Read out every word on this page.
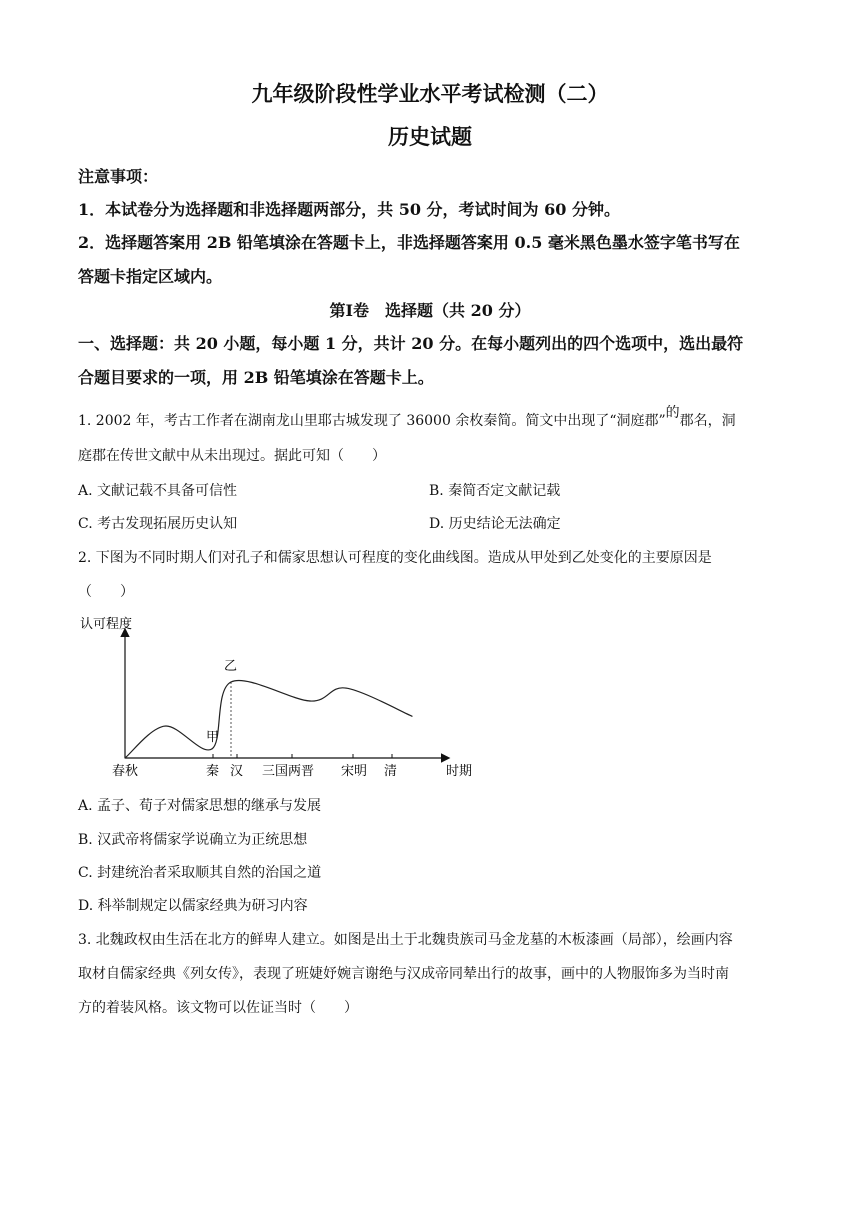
九年级阶段性学业水平考试检测（二）
历史试题
注意事项：
1．本试卷分为选择题和非选择题两部分，共 50 分，考试时间为 60 分钟。
2．选择题答案用 2B 铅笔填涂在答题卡上，非选择题答案用 0.5 毫米黑色墨水签字笔书写在
答题卡指定区域内。
第Ⅰ卷　选择题（共 20 分）
一、选择题：共 20 小题，每小题 1 分，共计 20 分。在每小题列出的四个选项中，选出最符
合题目要求的一项，用 2B 铅笔填涂在答题卡上。
1. 2002 年，考古工作者在湖南龙山里耶古城发现了 36000 余枚秦简。简文中出现了“洞庭郡”的郡名，洞
庭郡在传世文献中从未出现过。据此可知（　　）
A. 文献记载不具备可信性	B. 秦简否定文献记载
C. 考古发现拓展历史认知	D. 历史结论无法确定
2. 下图为不同时期人们对孔子和儒家思想认可程度的变化曲线图。造成从甲处到乙处变化的主要原因是
（　　）
认可程度
时期
春秋	秦 汉 三国两晋 宋明 清
甲
乙
A. 孟子、荀子对儒家思想的继承与发展
B. 汉武帝将儒家学说确立为正统思想
C. 封建统治者采取顺其自然的治国之道
D. 科举制规定以儒家经典为研习内容
3. 北魏政权由生活在北方的鲜卑人建立。如图是出土于北魏贵族司马金龙墓的木板漆画（局部），绘画内容
取材自儒家经典《列女传》，表现了班婕妤婉言谢绝与汉成帝同辇出行的故事，画中的人物服饰多为当时南
方的着装风格。该文物可以佐证当时（　　）
